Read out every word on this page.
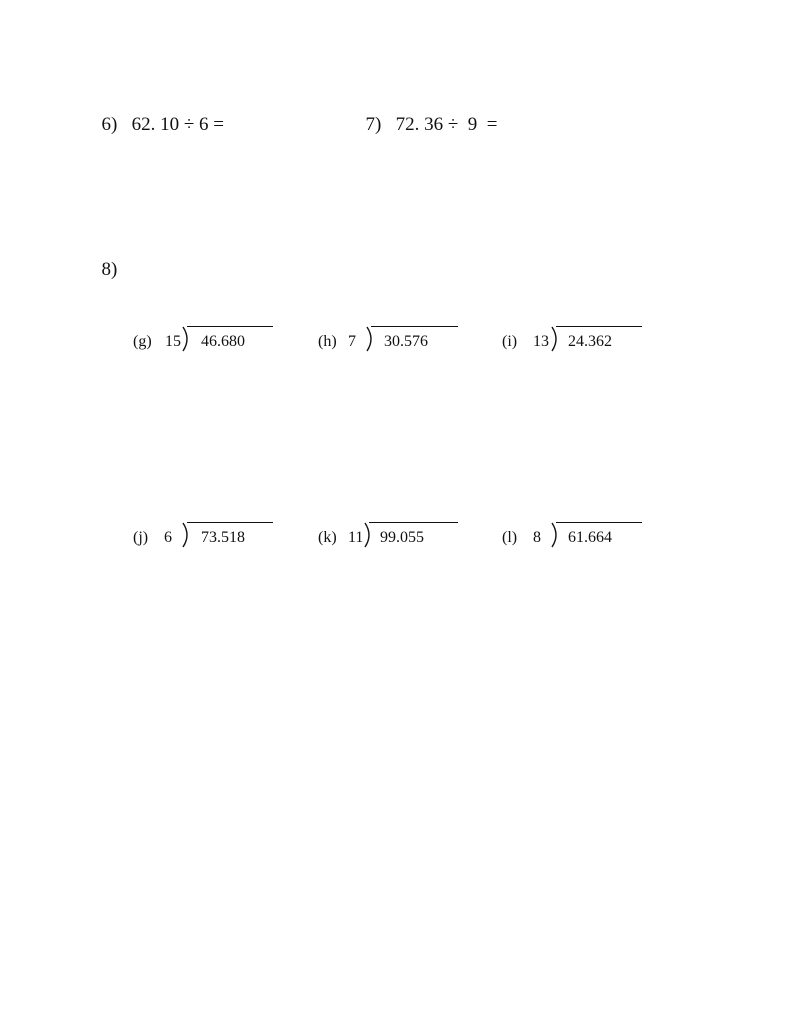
6) 62. 10 ÷ 6 =	7) 72. 36 ÷  9  =

8)

(g) 15 46.680	(h) 7 30.576	(i) 13 24.362
(j) 6 73.518	(k) 11 99.055	(l) 8 61.664
